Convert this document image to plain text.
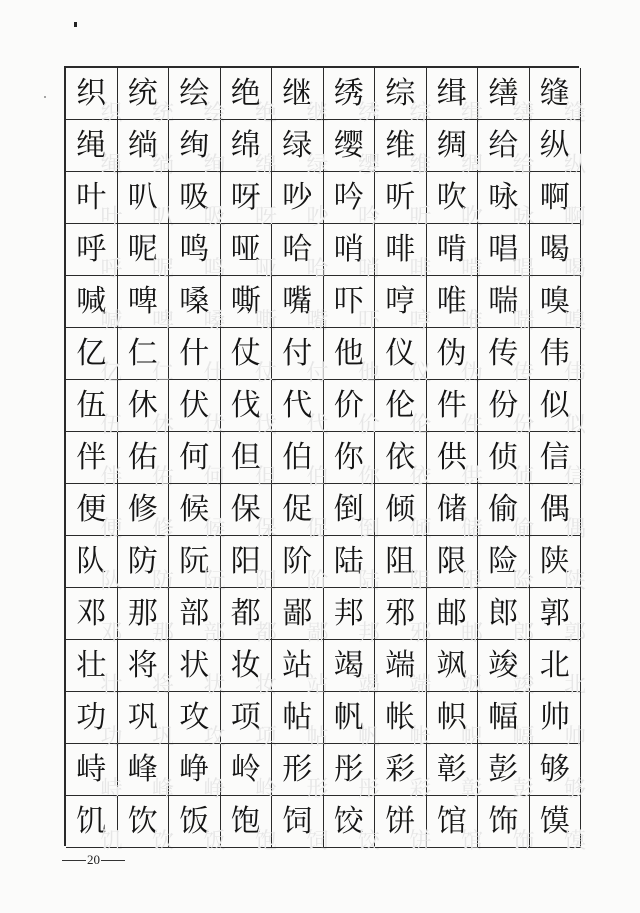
织
织
统
统
绘
绘
绝
绝
继
继
绣
绣
综
综
缉
缉
缮
缮
缝
缝
绳
绳
绱
绱
绚
绚
绵
绵
绿
绿
缨
缨
维
维
绸
绸
给
给
纵
纵
叶
叶
叭
叭
吸
吸
呀
呀
吵
吵
吟
吟
听
听
吹
吹
咏
咏
啊
啊
呼
呼
呢
呢
鸣
鸣
哑
哑
哈
哈
哨
哨
啡
啡
啃
啃
唱
唱
喝
喝
喊
喊
啤
啤
嗓
嗓
嘶
嘶
嘴
嘴
吓
吓
哼
哼
唯
唯
喘
喘
嗅
嗅
亿
亿
仁
仁
什
什
仗
仗
付
付
他
他
仪
仪
伪
伪
传
传
伟
伟
伍
伍
休
休
伏
伏
伐
伐
代
代
价
价
伦
伦
件
件
份
份
似
似
伴
伴
佑
佑
何
何
但
但
伯
伯
你
你
依
依
供
供
侦
侦
信
信
便
便
修
修
候
候
保
保
促
促
倒
倒
倾
倾
储
储
偷
偷
偶
偶
队
队
防
防
阮
阮
阳
阳
阶
阶
陆
陆
阻
阻
限
限
险
险
陕
陕
邓
邓
那
那
部
部
都
都
鄙
鄙
邦
邦
邪
邪
邮
邮
郎
郎
郭
郭
壮
壮
将
将
状
状
妆
妆
站
站
竭
竭
端
端
飒
飒
竣
竣
北
北
功
功
巩
巩
攻
攻
项
项
帖
帖
帆
帆
帐
帐
帜
帜
幅
幅
帅
帅
峙
峙
峰
峰
峥
峥
岭
岭
形
形
彤
彤
彩
彩
彰
彰
彭
彭
够
够
饥
饥
饮
饮
饭
饭
饱
饱
饲
饲
饺
饺
饼
饼
馆
馆
饰
饰
馍
馍
20
